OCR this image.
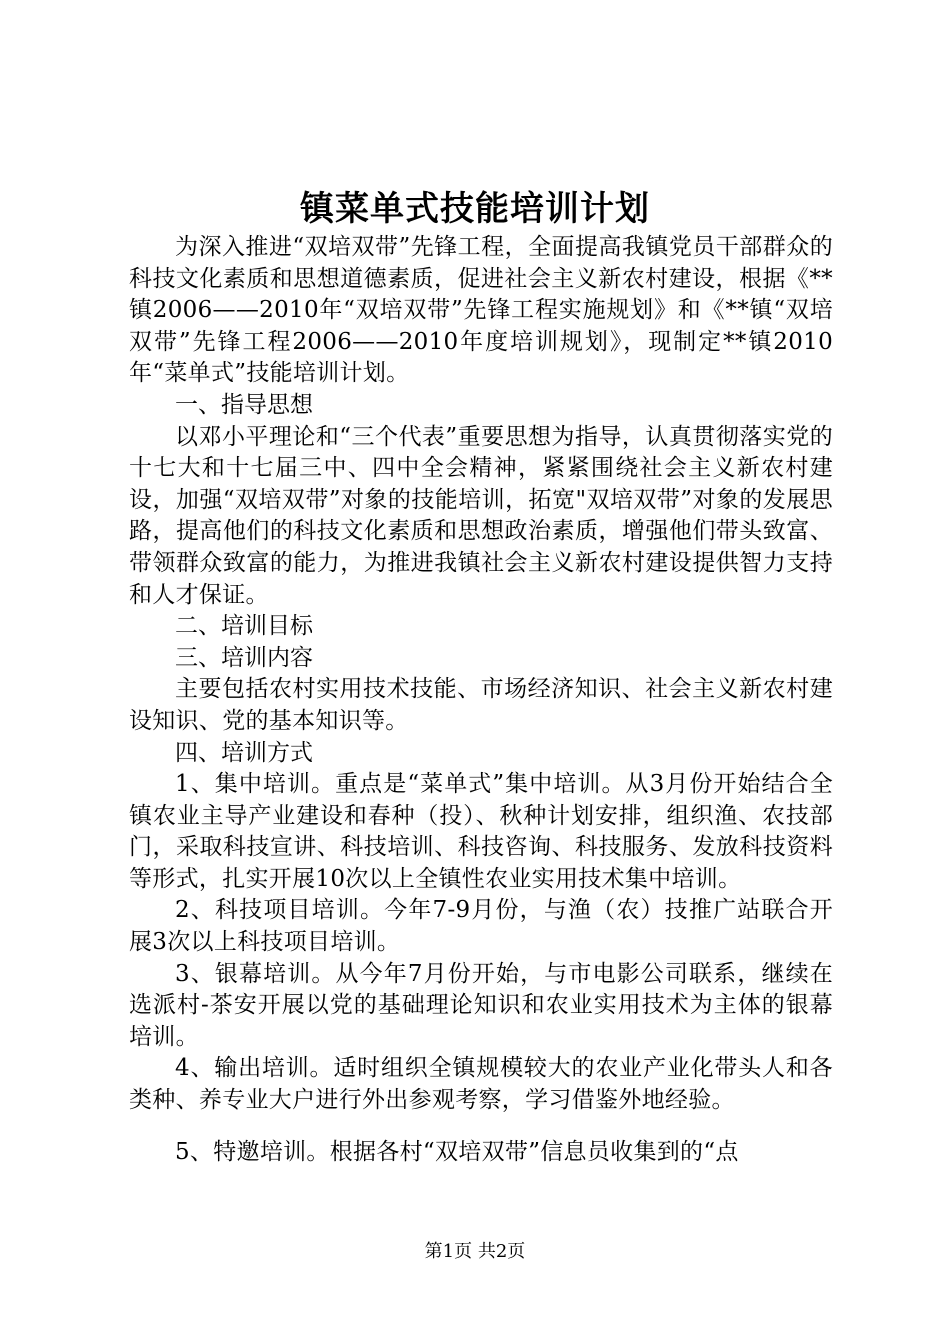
镇菜单式技能培训计划

为深入推进“双培双带”先锋工程，全面提高我镇党员干部群众的科技文化素质和思想道德素质，促进社会主义新农村建设，根据《**镇2006——2010年“双培双带”先锋工程实施规划》和《**镇“双培双带”先锋工程2006——2010年度培训规划》，现制定**镇2010年“菜单式”技能培训计划。

一、指导思想

以邓小平理论和“三个代表”重要思想为指导，认真贯彻落实党的十七大和十七届三中、四中全会精神，紧紧围绕社会主义新农村建设，加强“双培双带”对象的技能培训，拓宽"双培双带”对象的发展思路，提高他们的科技文化素质和思想政治素质，增强他们带头致富、带领群众致富的能力，为推进我镇社会主义新农村建设提供智力支持和人才保证。

二、培训目标

三、培训内容

主要包括农村实用技术技能、市场经济知识、社会主义新农村建设知识、党的基本知识等。

四、培训方式

1、集中培训。重点是“菜单式”集中培训。从3月份开始结合全镇农业主导产业建设和春种（投）、秋种计划安排，组织渔、农技部门，采取科技宣讲、科技培训、科技咨询、科技服务、发放科技资料等形式，扎实开展10次以上全镇性农业实用技术集中培训。

2、科技项目培训。今年7-9月份，与渔（农）技推广站联合开展3次以上科技项目培训。

3、银幕培训。从今年7月份开始，与市电影公司联系，继续在选派村-茶安开展以党的基础理论知识和农业实用技术为主体的银幕培训。

4、输出培训。适时组织全镇规模较大的农业产业化带头人和各类种、养专业大户进行外出参观考察，学习借鉴外地经验。

5、特邀培训。根据各村“双培双带”信息员收集到的“点

第1页 共2页
